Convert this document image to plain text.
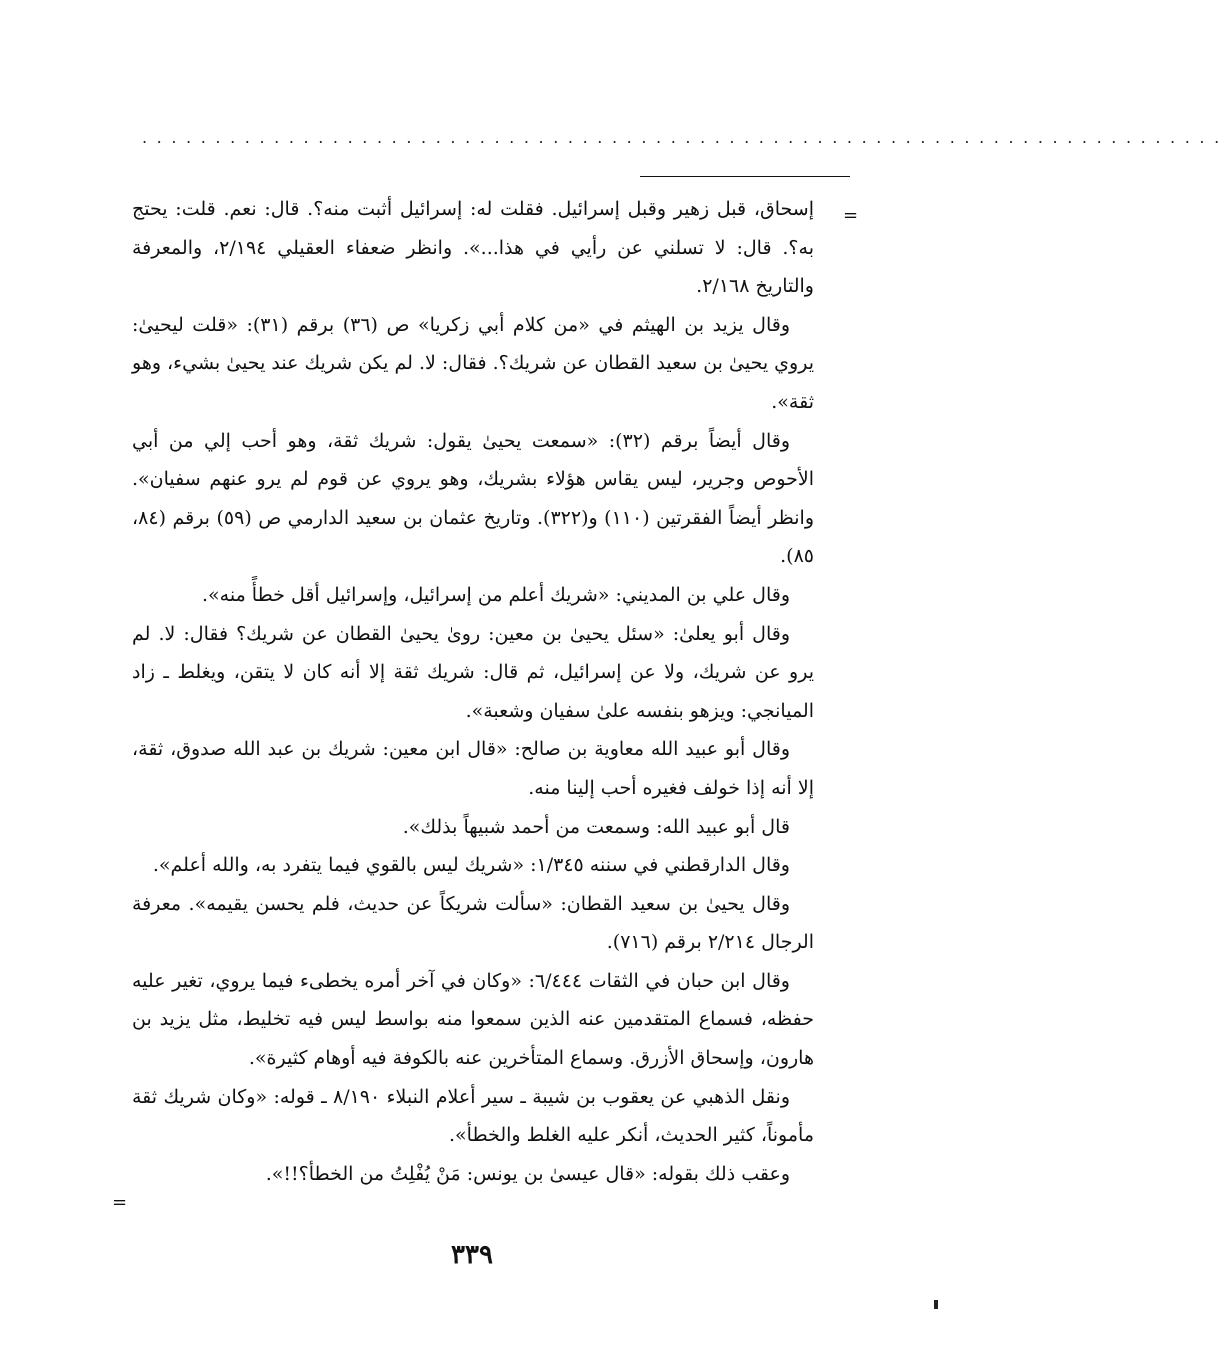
..........................................................................
=

إسحاق، قبل زهير وقبل إسرائيل. فقلت له: إسرائيل أثبت منه؟. قال: نعم. قلت: يحتج به؟. قال: لا تسلني عن رأيي في هذا...». وانظر ضعفاء العقيلي ٢/١٩٤، والمعرفة والتاريخ ٢/١٦٨.

وقال يزيد بن الهيثم في «من كلام أبي زكريا» ص (٣٦) برقم (٣١): «قلت ليحيىٰ: يروي يحيىٰ بن سعيد القطان عن شريك؟. فقال: لا. لم يكن شريك عند يحيىٰ بشيء، وهو ثقة».

وقال أيضاً برقم (٣٢): «سمعت يحيىٰ يقول: شريك ثقة، وهو أحب إلي من أبي الأحوص وجرير، ليس يقاس هؤلاء بشريك، وهو يروي عن قوم لم يرو عنهم سفيان». وانظر أيضاً الفقرتين (١١٠) و(٣٢٢). وتاريخ عثمان بن سعيد الدارمي ص (٥٩) برقم (٨٤، ٨٥).

وقال علي بن المديني: «شريك أعلم من إسرائيل، وإسرائيل أقل خطأً منه».

وقال أبو يعلىٰ: «سئل يحيىٰ بن معين: روىٰ يحيىٰ القطان عن شريك؟ فقال: لا. لم يرو عن شريك، ولا عن إسرائيل، ثم قال: شريك ثقة إلا أنه كان لا يتقن، ويغلط ـ زاد الميانجي: ويزهو بنفسه علىٰ سفيان وشعبة».

وقال أبو عبيد الله معاوية بن صالح: «قال ابن معين: شريك بن عبد الله صدوق، ثقة، إلا أنه إذا خولف فغيره أحب إلينا منه.

قال أبو عبيد الله: وسمعت من أحمد شبيهاً بذلك».

وقال الدارقطني في سننه ١/٣٤٥: «شريك ليس بالقوي فيما يتفرد به، والله أعلم».

وقال يحيىٰ بن سعيد القطان: «سألت شريكاً عن حديث، فلم يحسن يقيمه». معرفة الرجال ٢/٢١٤ برقم (٧١٦).

وقال ابن حبان في الثقات ٦/٤٤٤: «وكان في آخر أمره يخطىء فيما يروي، تغير عليه حفظه، فسماع المتقدمين عنه الذين سمعوا منه بواسط ليس فيه تخليط، مثل يزيد بن هارون، وإسحاق الأزرق. وسماع المتأخرين عنه بالكوفة فيه أوهام كثيرة».

ونقل الذهبي عن يعقوب بن شيبة ـ سير أعلام النبلاء ٨/١٩٠ ـ قوله: «وكان شريك ثقة مأموناً، كثير الحديث، أنكر عليه الغلط والخطأ».

وعقب ذلك بقوله: «قال عيسىٰ بن يونس: مَنْ يُفْلِتُ من الخطأ؟!!».

=
٣٣٩
